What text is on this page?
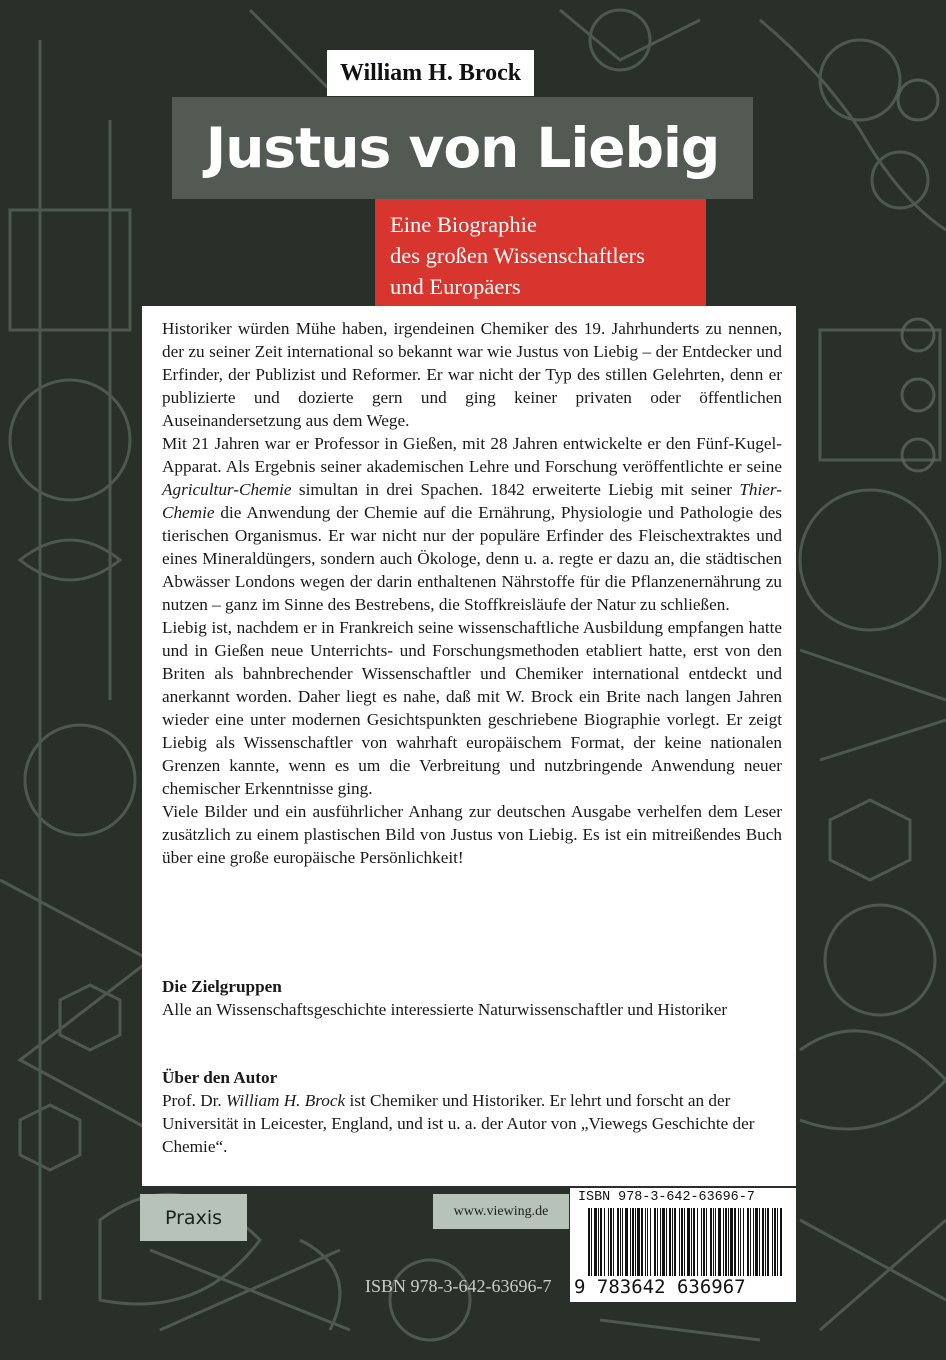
William H. Brock
Justus von Liebig
Eine Biographie
des großen Wissenschaftlers
und Europäers

Historiker würden Mühe haben, irgendeinen Chemiker des 19. Jahrhunderts zu nennen, der zu seiner Zeit international so bekannt war wie Justus von Liebig – der Entdecker und Erfinder, der Publizist und Reformer. Er war nicht der Typ des stillen Gelehrten, denn er publizierte und dozierte gern und ging keiner privaten oder öffentlichen Auseinandersetzung aus dem Wege.

Mit 21 Jahren war er Professor in Gießen, mit 28 Jahren entwickelte er den Fünf-Kugel-Apparat. Als Ergebnis seiner akademischen Lehre und Forschung veröffentlichte er seine Agricultur-Chemie simultan in drei Spachen. 1842 erweiterte Liebig mit seiner Thier-Chemie die Anwendung der Chemie auf die Ernährung, Physiologie und Pathologie des tierischen Organismus. Er war nicht nur der populäre Erfinder des Fleischextraktes und eines Mineraldüngers, sondern auch Ökologe, denn u. a. regte er dazu an, die städtischen Abwässer Londons wegen der darin enthaltenen Nährstoffe für die Pflanzenernährung zu nutzen – ganz im Sinne des Bestrebens, die Stoffkreisläufe der Natur zu schließen.

Liebig ist, nachdem er in Frankreich seine wissenschaftliche Ausbildung empfangen hatte und in Gießen neue Unterrichts- und Forschungsmethoden etabliert hatte, erst von den Briten als bahnbrechender Wissenschaftler und Chemiker international entdeckt und anerkannt worden. Daher liegt es nahe, daß mit W. Brock ein Brite nach langen Jahren wieder eine unter modernen Gesichtspunkten geschriebene Biographie vorlegt. Er zeigt Liebig als Wissenschaftler von wahrhaft europäischem Format, der keine nationalen Grenzen kannte, wenn es um die Verbreitung und nutzbringende Anwendung neuer chemischer Erkenntnisse ging.

Viele Bilder und ein ausführlicher Anhang zur deutschen Ausgabe verhelfen dem Leser zusätzlich zu einem plastischen Bild von Justus von Liebig. Es ist ein mitreißendes Buch über eine große europäische Persönlichkeit!

Die Zielgruppen

Alle an Wissenschaftsgeschichte interessierte Naturwissenschaftler und Historiker

Über den Autor

Prof. Dr. William H. Brock ist Chemiker und Historiker. Er lehrt und forscht an der Universität in Leicester, England, und ist u. a. der Autor von „Viewegs Geschichte der Chemie“.

Praxis	www.viewing.de
ISBN 978-3-642-63696-7
ISBN 978-3-642-63696-7
9 783642 636967
